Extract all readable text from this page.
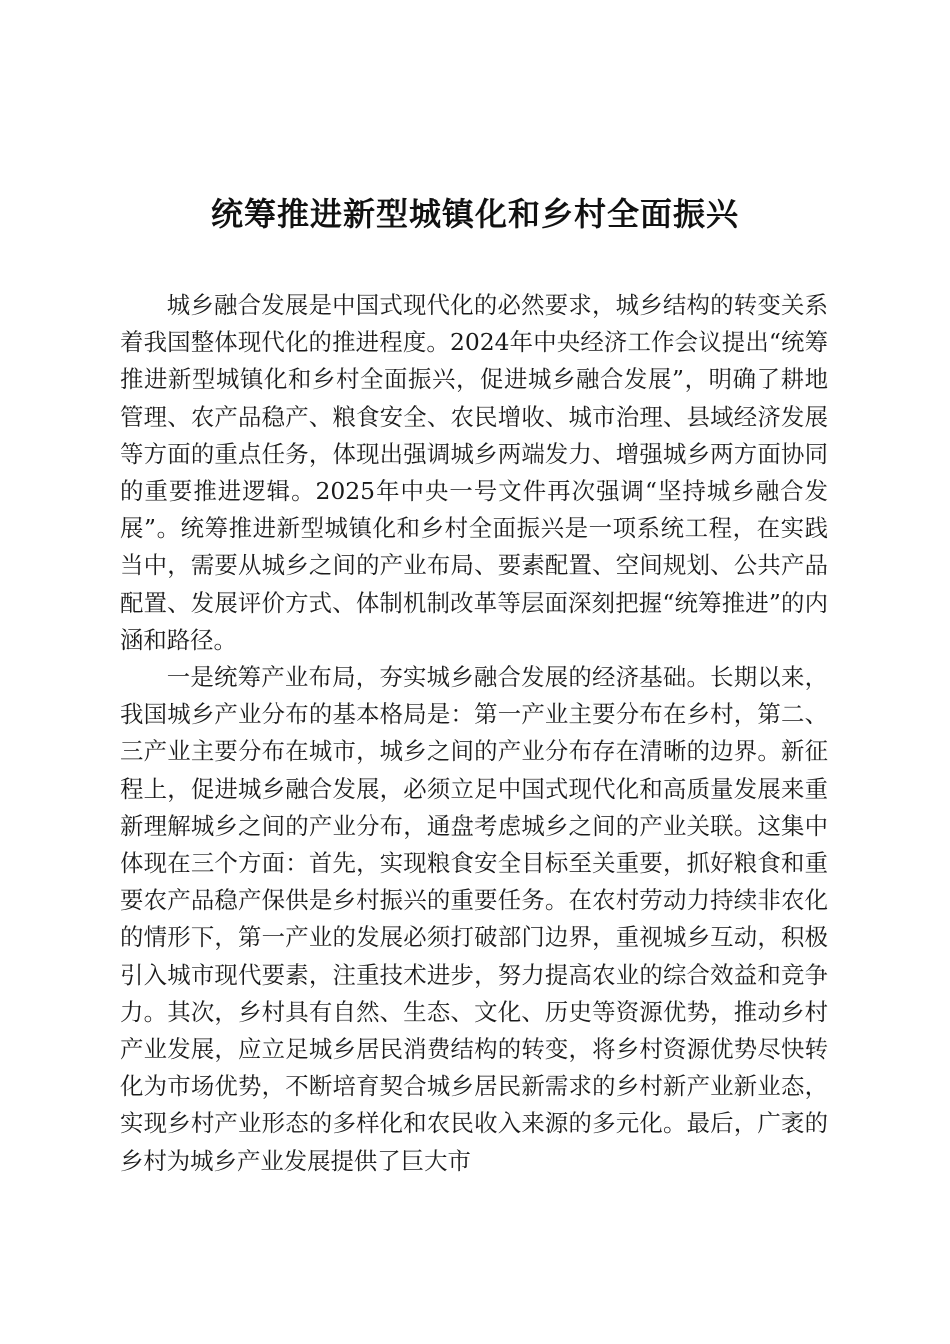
统筹推进新型城镇化和乡村全面振兴

城乡融合发展是中国式现代化的必然要求，城乡结构的转变关系着我国整体现代化的推进程度。2024年中央经济工作会议提出“统筹推进新型城镇化和乡村全面振兴，促进城乡融合发展”，明确了耕地管理、农产品稳产、粮食安全、农民增收、城市治理、县域经济发展等方面的重点任务，体现出强调城乡两端发力、增强城乡两方面协同的重要推进逻辑。2025年中央一号文件再次强调“坚持城乡融合发展”。统筹推进新型城镇化和乡村全面振兴是一项系统工程，在实践当中，需要从城乡之间的产业布局、要素配置、空间规划、公共产品配置、发展评价方式、体制机制改革等层面深刻把握“统筹推进”的内涵和路径。

一是统筹产业布局，夯实城乡融合发展的经济基础。长期以来，我国城乡产业分布的基本格局是：第一产业主要分布在乡村，第二、三产业主要分布在城市，城乡之间的产业分布存在清晰的边界。新征程上，促进城乡融合发展，必须立足中国式现代化和高质量发展来重新理解城乡之间的产业分布，通盘考虑城乡之间的产业关联。这集中体现在三个方面：首先，实现粮食安全目标至关重要，抓好粮食和重要农产品稳产保供是乡村振兴的重要任务。在农村劳动力持续非农化的情形下，第一产业的发展必须打破部门边界，重视城乡互动，积极引入城市现代要素，注重技术进步，努力提高农业的综合效益和竞争力。其次，乡村具有自然、生态、文化、历史等资源优势，推动乡村产业发展，应立足城乡居民消费结构的转变，将乡村资源优势尽快转化为市场优势，不断培育契合城乡居民新需求的乡村新产业新业态，实现乡村产业形态的多样化和农民收入来源的多元化。最后，广袤的乡村为城乡产业发展提供了巨大市
